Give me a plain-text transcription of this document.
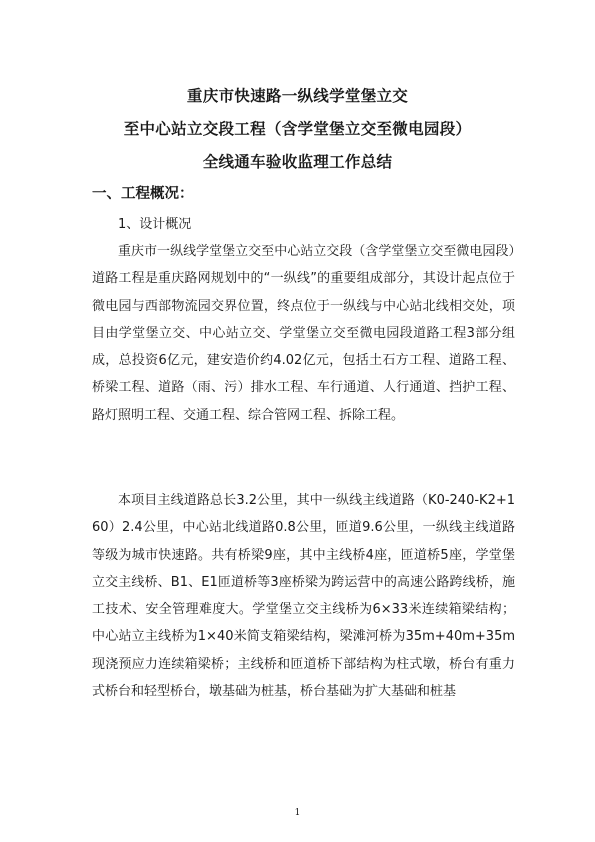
重庆市快速路一纵线学堂堡立交
至中心站立交段工程（含学堂堡立交至微电园段）
全线通车验收监理工作总结
一、工程概况：
1、设计概况

重庆市一纵线学堂堡立交至中心站立交段（含学堂堡立交至微电园段）道路工程是重庆路网规划中的“一纵线”的重要组成部分，其设计起点位于微电园与西部物流园交界位置，终点位于一纵线与中心站北线相交处，项目由学堂堡立交、中心站立交、学堂堡立交至微电园段道路工程3部分组成，总投资6亿元，建安造价约4.02亿元，包括土石方工程、道路工程、桥梁工程、道路（雨、污）排水工程、车行通道、人行通道、挡护工程、路灯照明工程、交通工程、综合管网工程、拆除工程。

本项目主线道路总长3.2公里，其中一纵线主线道路（K0-240-K2+160）2.4公里，中心站北线道路0.8公里，匝道9.6公里，一纵线主线道路等级为城市快速路。共有桥梁9座，其中主线桥4座，匝道桥5座，学堂堡立交主线桥、B1、E1匝道桥等3座桥梁为跨运营中的高速公路跨线桥，施工技术、安全管理难度大。学堂堡立交主线桥为6×33米连续箱梁结构；中心站立主线桥为1×40米简支箱梁结构，梁滩河桥为35m+40m+35m现浇预应力连续箱梁桥；主线桥和匝道桥下部结构为柱式墩，桥台有重力式桥台和轻型桥台，墩基础为桩基，桥台基础为扩大基础和桩基

1
